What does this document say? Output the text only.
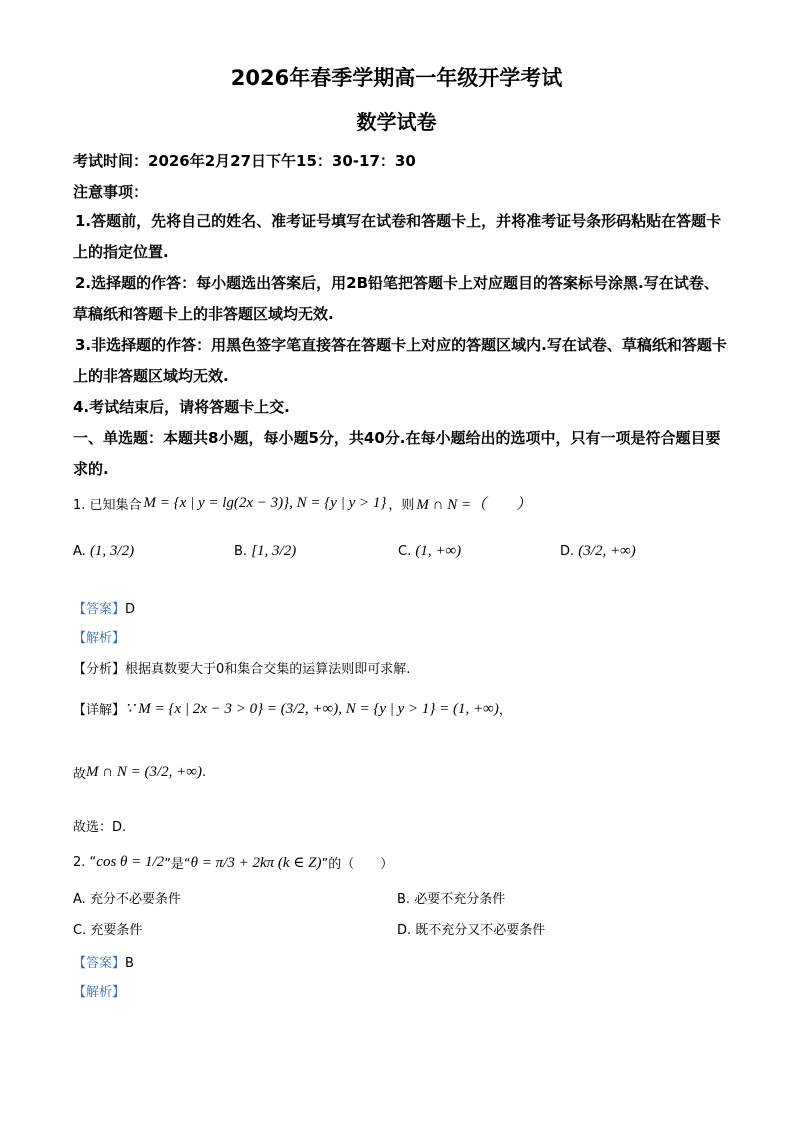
2026年春季学期高一年级开学考试
数学试卷
考试时间：2026年2月27日下午15：30-17：30
注意事项：
1.答题前，先将自己的姓名、准考证号填写在试卷和答题卡上，并将准考证号条形码粘贴在答题卡上的指定位置.
2.选择题的作答：每小题选出答案后，用2B铅笔把答题卡上对应题目的答案标号涂黑.写在试卷、草稿纸和答题卡上的非答题区域均无效.
3.非选择题的作答：用黑色签字笔直接答在答题卡上对应的答题区域内.写在试卷、草稿纸和答题卡上的非答题区域均无效.
4.考试结束后，请将答题卡上交.
一、单选题：本题共8小题，每小题5分，共40分.在每小题给出的选项中，只有一项是符合题目要求的.
1. 已知集合 M = {x | y = lg(2x − 3)}, N = {y | y > 1} ，则 M ∩ N =（　　）
A. (1, 3/2)	B. [1, 3/2)	C. (1, +∞)	D. (3/2, +∞)
【答案】D
【解析】
【分析】根据真数要大于0和集合交集的运算法则即可求解.
【详解】 ∵ M = {x | 2x − 3 > 0} = (3/2, +∞), N = {y | y > 1} = (1, +∞) ，
故 M ∩ N = (3/2, +∞) .
故选：D.
2. “ cos θ = 1/2 ”是“ θ = π/3 + 2kπ (k ∈ Z) ”的（　　）
A. 充分不必要条件	B. 必要不充分条件
C. 充要条件	D. 既不充分又不必要条件
【答案】B
【解析】
